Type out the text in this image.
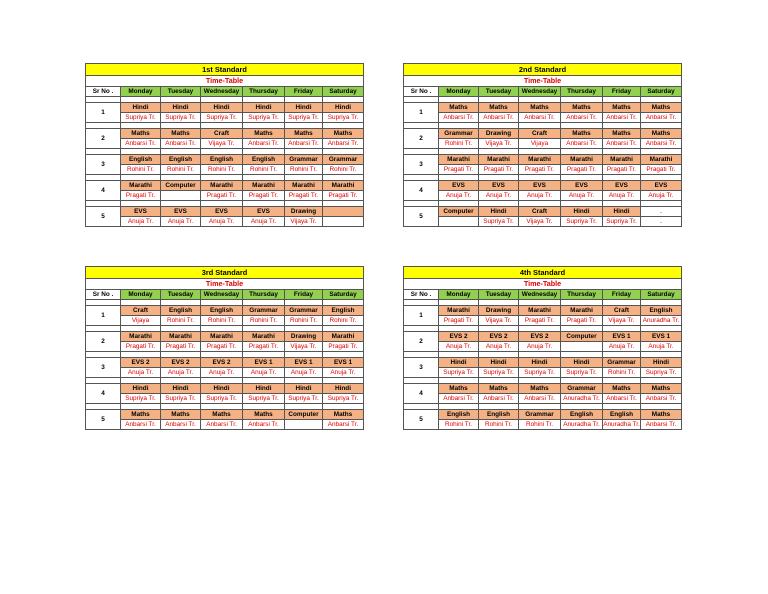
1st Standard						
Time-Table						
Sr No .	Monday	Tuesday	Wednesday	Thursday	Friday	Saturday

1	Hindi	Hindi	Hindi	Hindi	Hindi	Hindi
	Supriya Tr.	Supriya Tr.	Supriya Tr.	Supriya Tr.	Supriya Tr.	Supriya Tr.

2	Maths	Maths	Craft	Maths	Maths	Maths
	Anbarsi Tr.	Anbarsi Tr.	Vijaya Tr.	Anbarsi Tr.	Anbarsi Tr.	Anbarsi Tr.

3	English	English	English	English	Grammar	Grammar
	Rohini Tr.	Rohini Tr.	Rohini Tr.	Rohini Tr.	Rohini Tr.	Rohini Tr.

4	Marathi	Computer	Marathi	Marathi	Marathi	Marathi
	Pragati Tr.		Pragati Tr.	Pragati Tr.	Pragati Tr.	Pragati Tr.

5	EVS	EVS	EVS	EVS	Drawing	
	Anuja Tr.	Anuja Tr.	Anuja Tr.	Anuja Tr.	Vijaya Tr.	
2nd Standard						
Time-Table						
Sr No .	Monday	Tuesday	Wednesday	Thursday	Friday	Saturday

1	Maths	Maths	Maths	Maths	Maths	Maths
	Anbarsi Tr.	Anbarsi Tr.	Anbarsi Tr.	Anbarsi Tr.	Anbarsi Tr.	Anbarsi Tr.

2	Grammar	Drawing	Craft	Maths	Maths	Maths
	Rohini Tr.	Vijaya Tr.	Vijaya	Anbarsi Tr.	Anbarsi Tr.	Anbarsi Tr.

3	Marathi	Marathi	Marathi	Marathi	Marathi	Marathi
	Pragati Tr.	Pragati Tr.	Pragati Tr.	Pragati Tr.	Pragati Tr.	Pragati Tr.

4	EVS	EVS	EVS	EVS	EVS	EVS
	Anuja Tr.	Anuja Tr.	Anuja Tr.	Anuja Tr.	Anuja Tr.	Anuja Tr.

5	Computer	Hindi	Craft	Hindi	Hindi	.
		Supriya Tr.	Vijaya Tr.	Supriya Tr.	Supriya Tr.	.
3rd Standard						
Time-Table						
Sr No .	Monday	Tuesday	Wednesday	Thursday	Friday	Saturday

1	Craft	English	English	Grammar	Grammar	English
	Vijaya	Rohini Tr.	Rohini Tr.	Rohini Tr.	Rohini Tr.	Rohini Tr.

2	Marathi	Marathi	Marathi	Marathi	Drawing	Marathi
	Pragati Tr.	Pragati Tr.	Pragati Tr.	Pragati Tr.	Vijaya Tr.	Pragati Tr.

3	EVS 2	EVS 2	EVS 2	EVS 1	EVS 1	EVS 1
	Anuja Tr.	Anuja Tr.	Anuja Tr.	Anuja Tr.	Anuja Tr.	Anuja Tr.

4	Hindi	Hindi	Hindi	Hindi	Hindi	Hindi
	Supriya Tr.	Supriya Tr.	Supriya Tr.	Supriya Tr.	Supriya Tr.	Supriya Tr.

5	Maths	Maths	Maths	Maths	Computer	Maths
	Anbarsi Tr.	Anbarsi Tr.	Anbarsi Tr.	Anbarsi Tr.		Anbarsi Tr.
4th Standard						
Time-Table						
Sr No .	Monday	Tuesday	Wednesday	Thursday	Friday	Saturday

1	Marathi	Drawing	Marathi	Marathi	Craft	English
	Pragati Tr.	Vijaya Tr.	Pragati Tr.	Pragati Tr.	Vijaya Tr.	Anuradha Tr.

2	EVS 2	EVS 2	EVS 2	Computer	EVS 1	EVS 1
	Anuja Tr.	Anuja Tr.	Anuja Tr.		Anuja Tr.	Anuja Tr.

3	Hindi	Hindi	Hindi	Hindi	Grammar	Hindi
	Supriya Tr.	Supriya Tr.	Supriya Tr.	Supriya Tr.	Rohini Tr.	Supriya Tr.

4	Maths	Maths	Maths	Grammar	Maths	Maths
	Anbarsi Tr.	Anbarsi Tr.	Anbarsi Tr.	Anuradha Tr.	Anbarsi Tr.	Anbarsi Tr.

5	English	English	Grammar	English	English	Maths
	Rohini Tr.	Rohini Tr.	Rohini Tr.	Anuradha Tr.	Anuradha Tr.	Anbarsi Tr.
